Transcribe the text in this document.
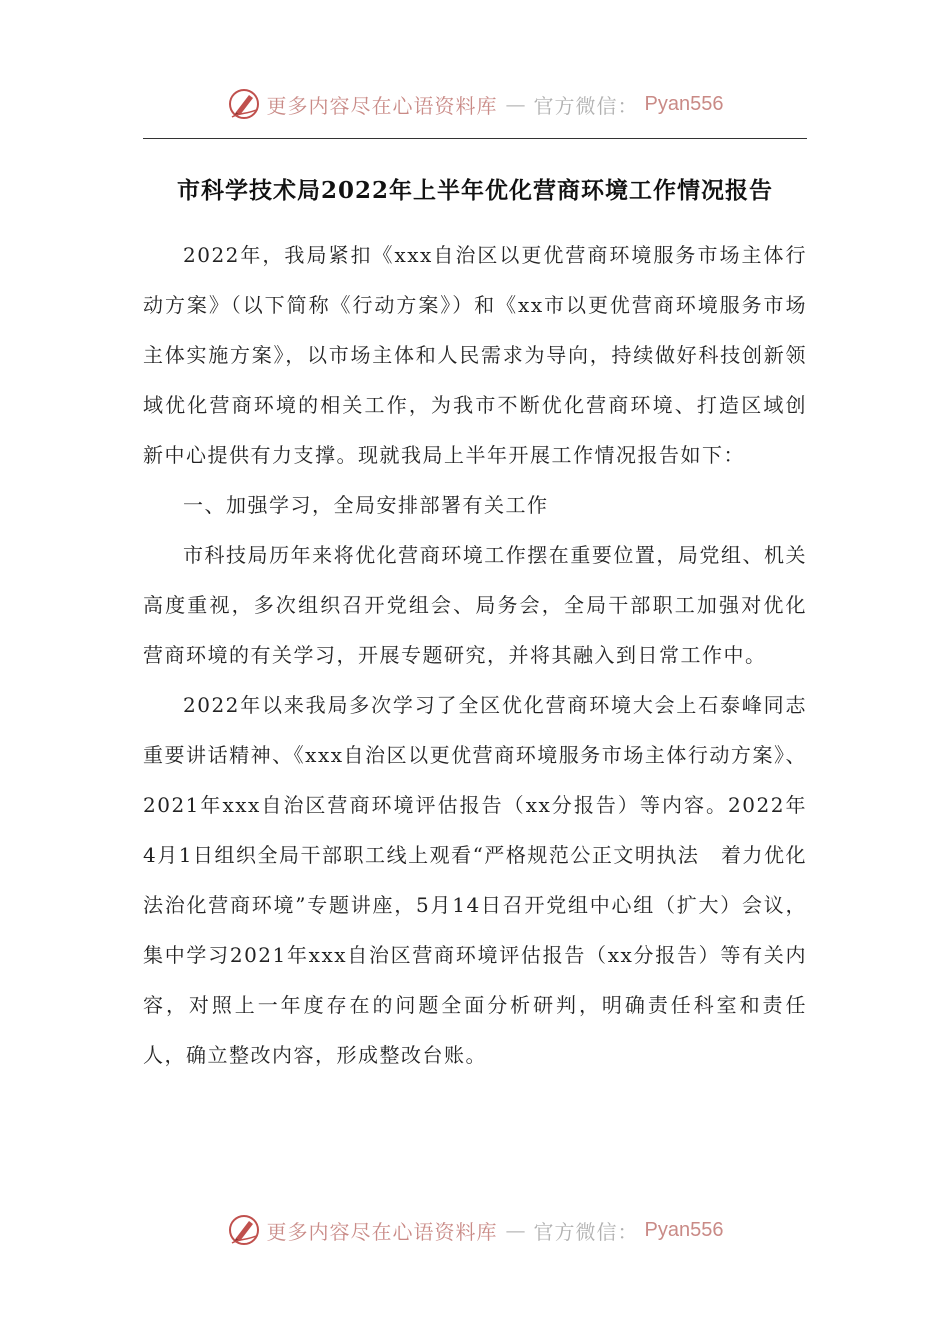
更多内容尽在心语资料库 — 官方微信： Pyan556
市科学技术局2022年上半年优化营商环境工作情况报告

2022年，我局紧扣《xxx自治区以更优营商环境服务市场主体行动方案》（以下简称《行动方案》）和《xx市以更优营商环境服务市场主体实施方案》，以市场主体和人民需求为导向，持续做好科技创新领域优化营商环境的相关工作，为我市不断优化营商环境、打造区域创新中心提供有力支撑。现就我局上半年开展工作情况报告如下：

一、加强学习，全局安排部署有关工作

市科技局历年来将优化营商环境工作摆在重要位置，局党组、机关高度重视，多次组织召开党组会、局务会，全局干部职工加强对优化营商环境的有关学习，开展专题研究，并将其融入到日常工作中。

2022年以来我局多次学习了全区优化营商环境大会上石泰峰同志重要讲话精神、《xxx自治区以更优营商环境服务市场主体行动方案》、2021年xxx自治区营商环境评估报告（xx分报告）等内容。2022年4月1日组织全局干部职工线上观看“严格规范公正文明执法　着力优化法治化营商环境”专题讲座，5月14日召开党组中心组（扩大）会议，集中学习2021年xxx自治区营商环境评估报告（xx分报告）等有关内容，对照上一年度存在的问题全面分析研判，明确责任科室和责任人，确立整改内容，形成整改台账。

更多内容尽在心语资料库 — 官方微信： Pyan556
